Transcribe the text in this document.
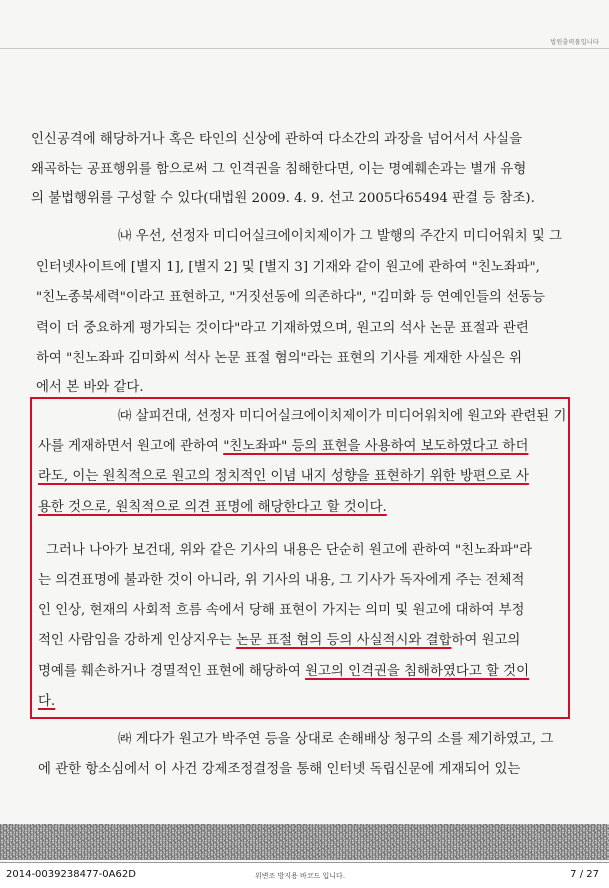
법원출력물입니다
인신공격에 해당하거나 혹은 타인의 신상에 관하여 다소간의 과장을 넘어서서 사실을
왜곡하는 공표행위를 함으로써 그 인격권을 침해한다면, 이는 명예훼손과는 별개 유형
의 불법행위를 구성할 수 있다(대법원 2009. 4. 9. 선고 2005다65494 판결 등 참조).
㈏ 우선, 선정자 미디어실크에이치제이가 그 발행의 주간지 미디어워치 및 그
인터넷사이트에 [별지 1], [별지 2] 및 [별지 3] 기재와 같이 원고에 관하여 "친노좌파",
"친노종북세력"이라고 표현하고, "거짓선동에 의존하다", "김미화 등 연예인들의 선동능
력이 더 중요하게 평가되는 것이다"라고 기재하였으며, 원고의 석사 논문 표절과 관련
하여 "친노좌파 김미화씨 석사 논문 표절 혐의"라는 표현의 기사를 게재한 사실은 위
에서 본 바와 같다.
㈐ 살피건대, 선정자 미디어실크에이치제이가 미디어워치에 원고와 관련된 기
사를 게재하면서 원고에 관하여 "친노좌파" 등의 표현을 사용하여 보도하였다고 하더
라도, 이는 원칙적으로 원고의 정치적인 이념 내지 성향을 표현하기 위한 방편으로 사
용한 것으로, 원칙적으로 의견 표명에 해당한다고 할 것이다.
그러나 나아가 보건대, 위와 같은 기사의 내용은 단순히 원고에 관하여 "친노좌파"라
는 의견표명에 불과한 것이 아니라, 위 기사의 내용, 그 기사가 독자에게 주는 전체적
인 인상, 현재의 사회적 흐름 속에서 당해 표현이 가지는 의미 및 원고에 대하여 부정
적인 사람임을 강하게 인상지우는 논문 표절 혐의 등의 사실적시와 결합하여 원고의
명예를 훼손하거나 경멸적인 표현에 해당하여 원고의 인격권을 침해하였다고 할 것이
다.
㈑ 게다가 원고가 박주연 등을 상대로 손해배상 청구의 소를 제기하였고, 그
에 관한 항소심에서 이 사건 강제조정결정을 통해 인터넷 독립신문에 게재되어 있는
2014-0039238477-0A62D	위변조 방지용 바코드 입니다.	7 / 27
